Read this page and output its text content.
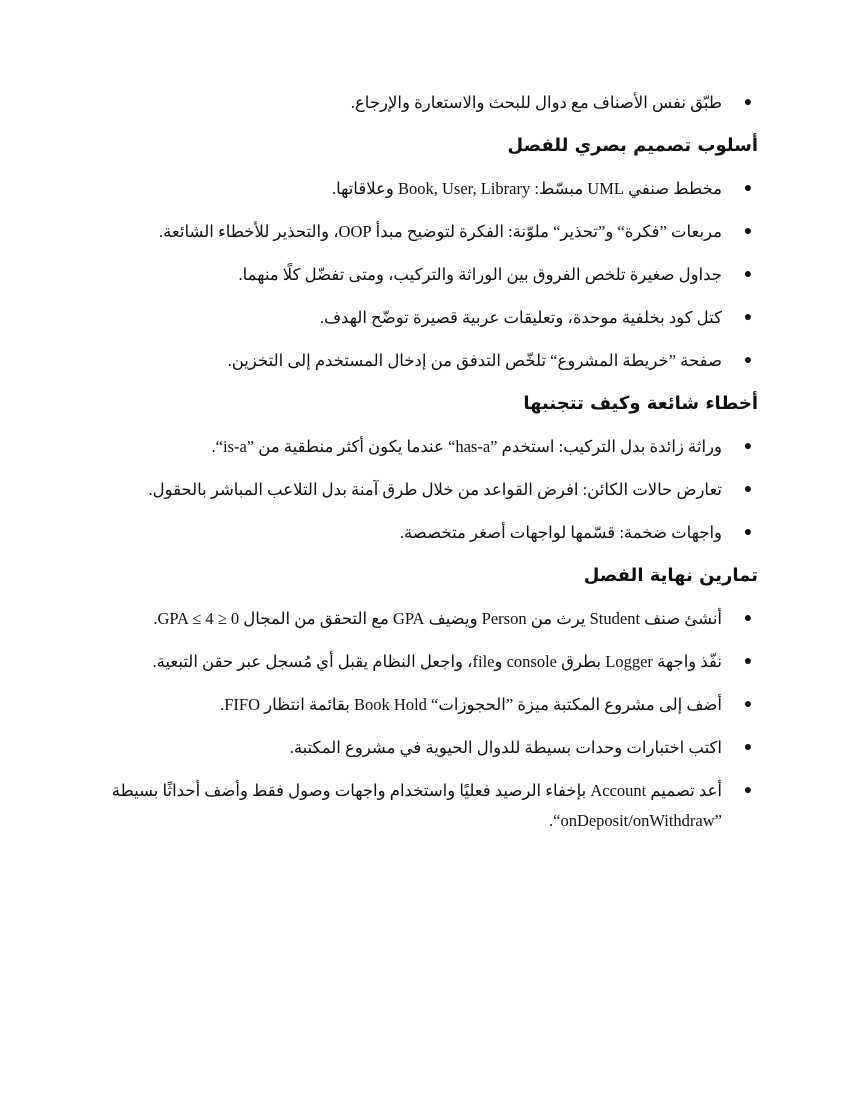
●
طبّق نفس الأصناف مع دوال للبحث والاستعارة والإرجاع.
أسلوب تصميم بصري للفصل
●
مخطط صنفي UML مبسّط: Book, User, Library وعلاقاتها.
●
مربعات ”فكرة“ و”تحذير“ ملوّنة: الفكرة لتوضيح مبدأ OOP، والتحذير للأخطاء الشائعة.
●
جداول صغيرة تلخص الفروق بين الوراثة والتركيب، ومتى تفضّل كلًا منهما.
●
كتل كود بخلفية موحدة، وتعليقات عربية قصيرة توضّح الهدف.
●
صفحة ”خريطة المشروع“ تلخّص التدفق من إدخال المستخدم إلى التخزين.
أخطاء شائعة وكيف تتجنبها
●
وراثة زائدة بدل التركيب: استخدم ”has-a“ عندما يكون أكثر منطقية من ”is-a“.
●
تعارض حالات الكائن: افرض القواعد من خلال طرق آمنة بدل التلاعب المباشر بالحقول.
●
واجهات ضخمة: قسّمها لواجهات أصغر متخصصة.
تمارين نهاية الفصل
●
أنشئ صنف Student يرث من Person ويضيف GPA مع التحقق من المجال 0 ≤ GPA ≤ 4.
●
نفّذ واجهة Logger بطرق console وfile، واجعل النظام يقبل أي مُسجل عبر حقن التبعية.
●
أضف إلى مشروع المكتبة ميزة ”الحجوزات“ Book Hold بقائمة انتظار FIFO.
●
اكتب اختبارات وحدات بسيطة للدوال الحيوية في مشروع المكتبة.
●
أعد تصميم Account بإخفاء الرصيد فعليًا واستخدام واجهات وصول فقط وأضف أحداثًا بسيطة ”onDeposit/onWithdraw“.
